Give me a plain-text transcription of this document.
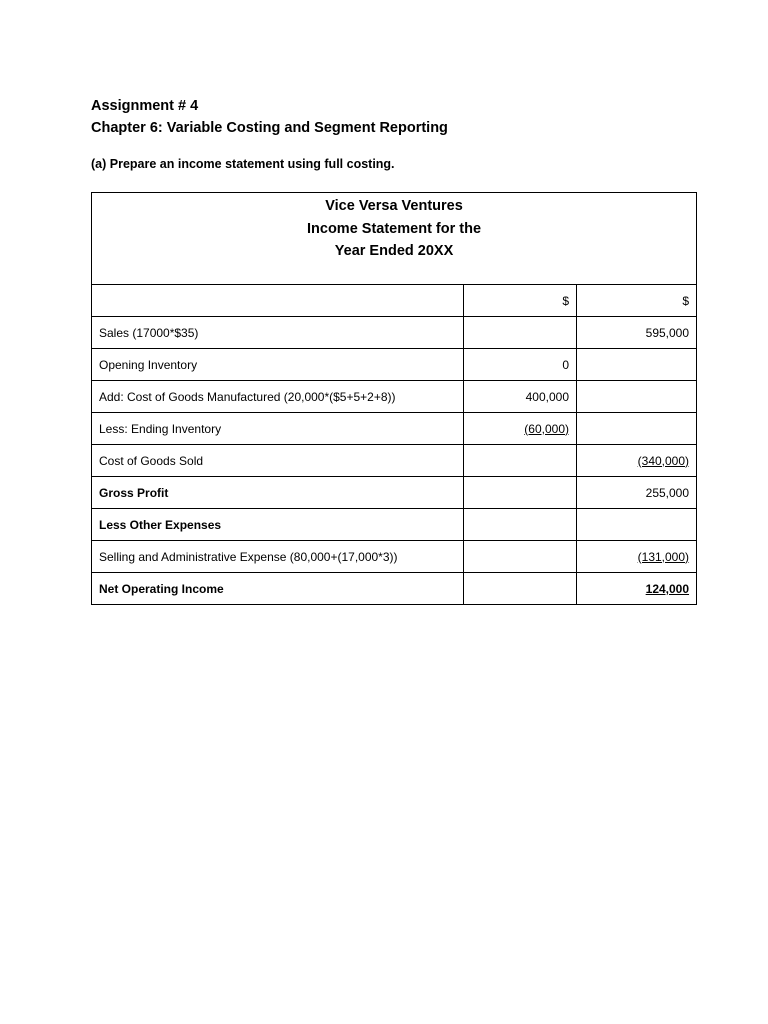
Assignment # 4
Chapter 6: Variable Costing and Segment Reporting
(a) Prepare an income statement using full costing.
Vice Versa Ventures
Income Statement for the
Year Ended 20XX		

	$	$
Sales (17000*$35)		595,000
Opening Inventory	0	
Add: Cost of Goods Manufactured (20,000*($5+5+2+8))	400,000	
Less: Ending Inventory	(60,000)	
Cost of Goods Sold		(340,000)
Gross Profit		255,000
Less Other Expenses		
Selling and Administrative Expense (80,000+(17,000*3))		(131,000)
Net Operating Income		124,000
